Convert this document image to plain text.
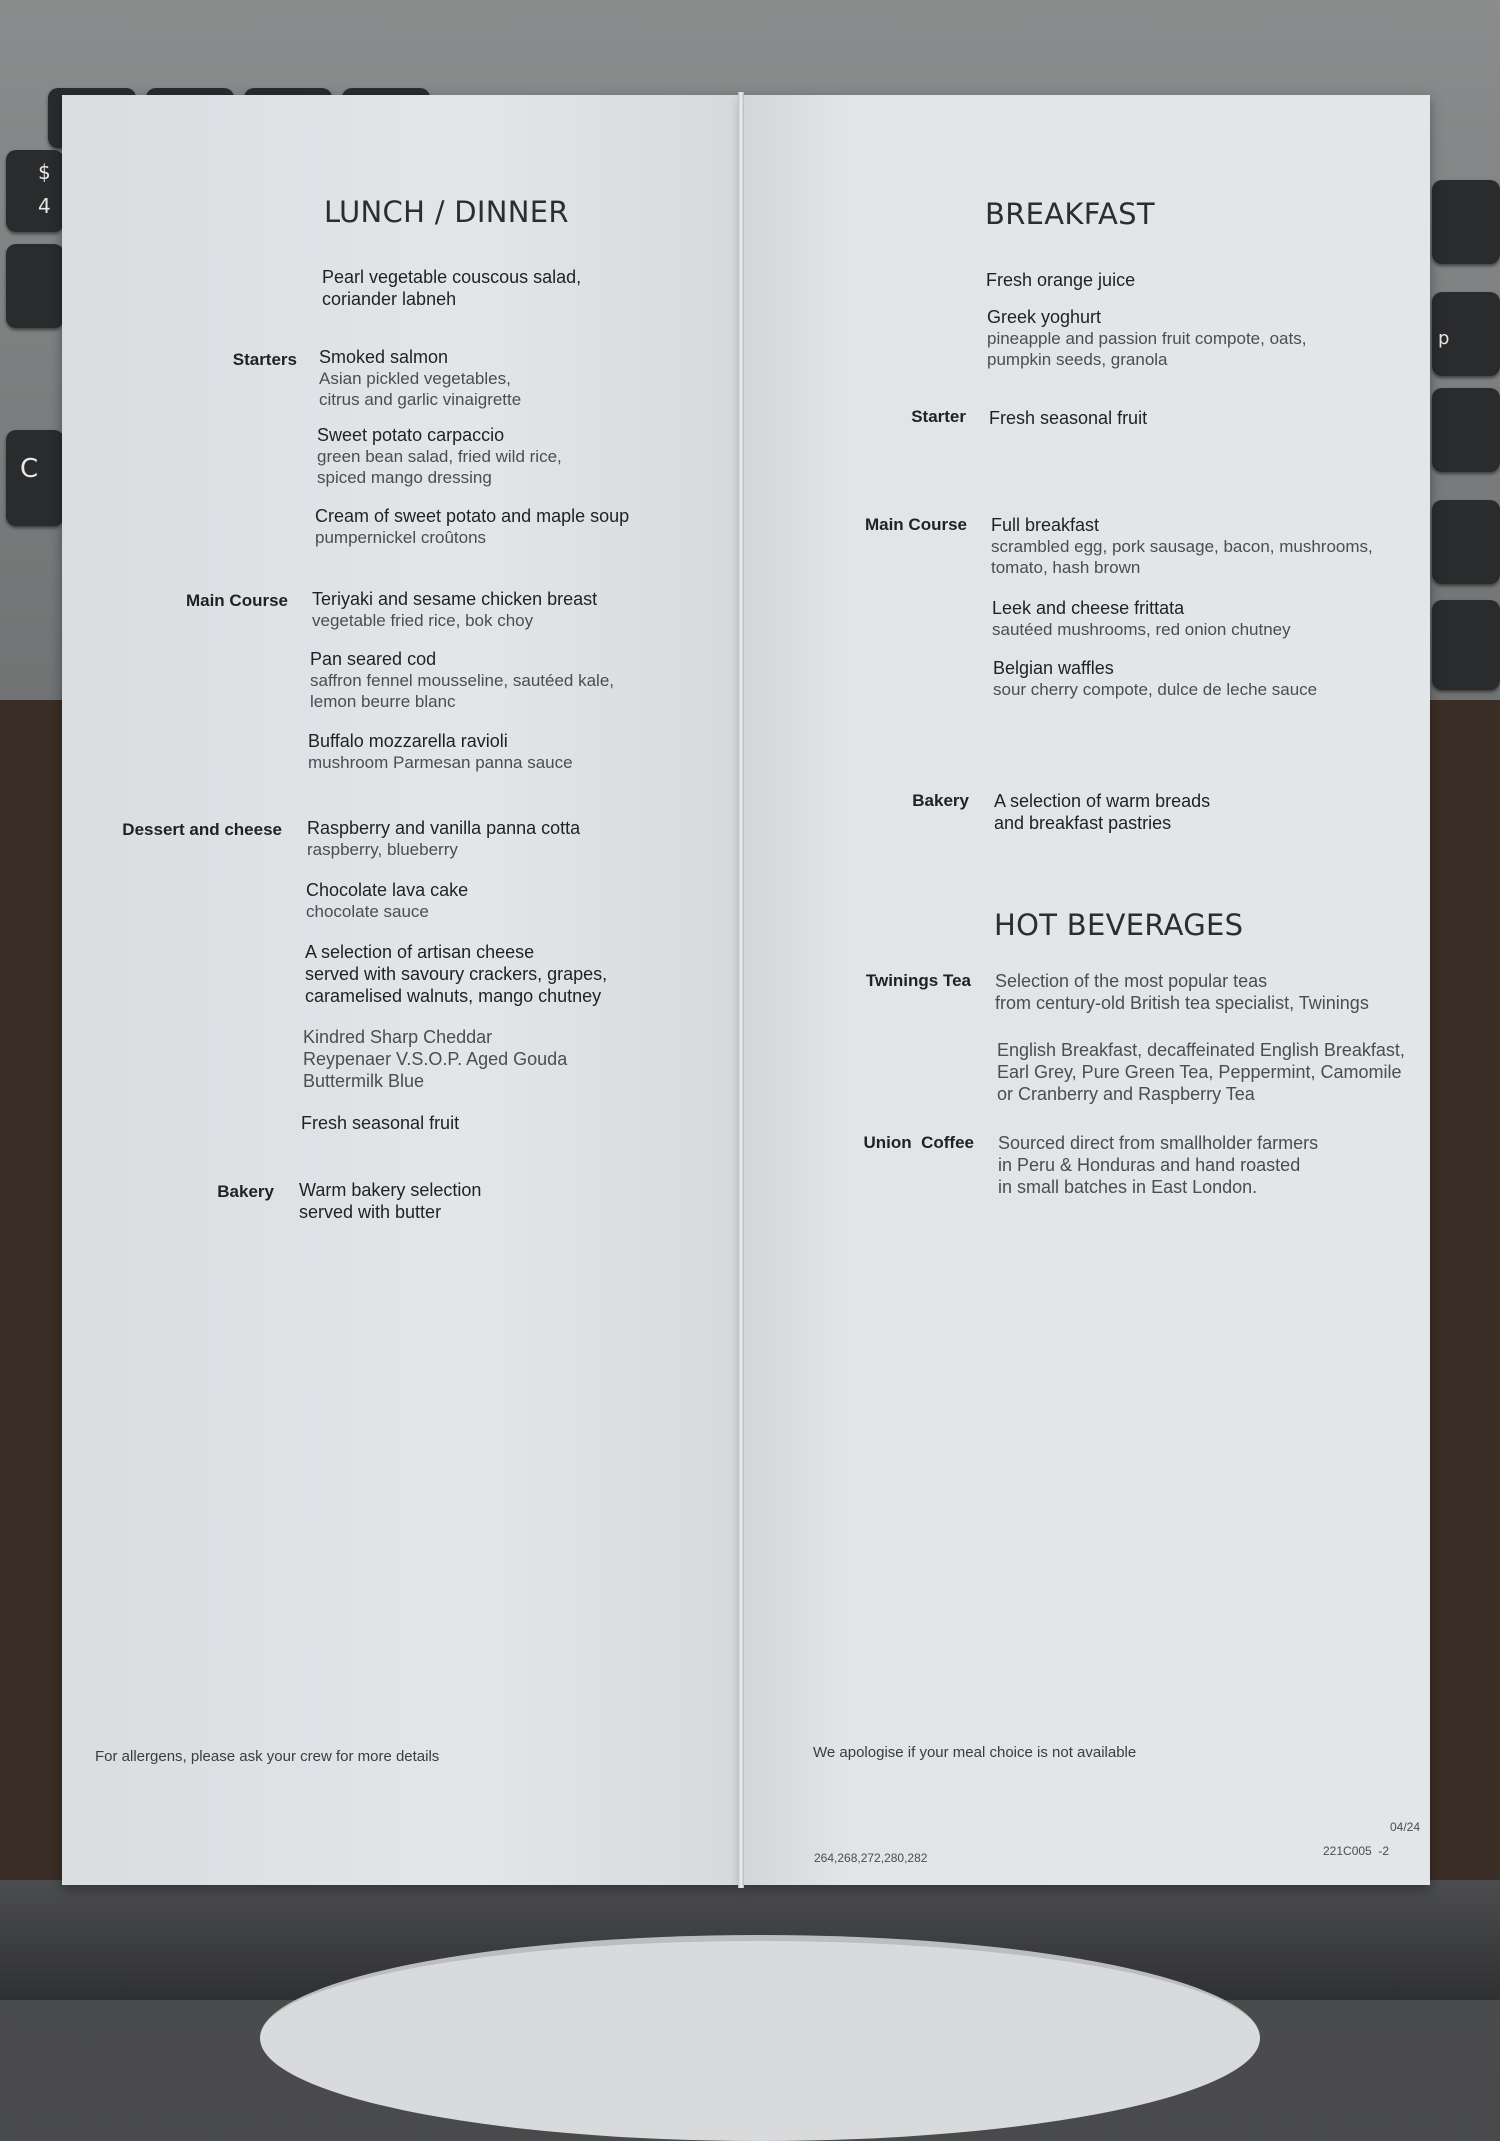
$
4
C
p
LUNCH / DINNER
Pearl vegetable couscous salad,
coriander labneh
Starters Smoked salmon
Asian pickled vegetables,
citrus and garlic vinaigrette
Sweet potato carpaccio
green bean salad, fried wild rice,
spiced mango dressing
Cream of sweet potato and maple soup
pumpernickel croûtons
Main Course Teriyaki and sesame chicken breast
vegetable fried rice, bok choy
Pan seared cod
saffron fennel mousseline, sautéed kale,
lemon beurre blanc
Buffalo mozzarella ravioli
mushroom Parmesan panna sauce
Dessert and cheese Raspberry and vanilla panna cotta
raspberry, blueberry
Chocolate lava cake
chocolate sauce
A selection of artisan cheese
served with savoury crackers, grapes,
caramelised walnuts, mango chutney
Kindred Sharp Cheddar
Reypenaer V.S.O.P. Aged Gouda
Buttermilk Blue
Fresh seasonal fruit
Bakery Warm bakery selection
served with butter
For allergens, please ask your crew for more details
BREAKFAST
Fresh orange juice
Greek yoghurt
pineapple and passion fruit compote, oats,
pumpkin seeds, granola
Starter Fresh seasonal fruit
Main Course Full breakfast
scrambled egg, pork sausage, bacon, mushrooms,
tomato, hash brown
Leek and cheese frittata
sautéed mushrooms, red onion chutney
Belgian waffles
sour cherry compote, dulce de leche sauce
Bakery A selection of warm breads
and breakfast pastries
HOT BEVERAGES
Twinings Tea Selection of the most popular teas
from century-old British tea specialist, Twinings
English Breakfast, decaffeinated English Breakfast,
Earl Grey, Pure Green Tea, Peppermint, Camomile
or Cranberry and Raspberry Tea
Union  Coffee Sourced direct from smallholder farmers
in Peru & Honduras and hand roasted
in small batches in East London.
We apologise if your meal choice is not available
04/24
264,268,272,280,282	221C005  -2
